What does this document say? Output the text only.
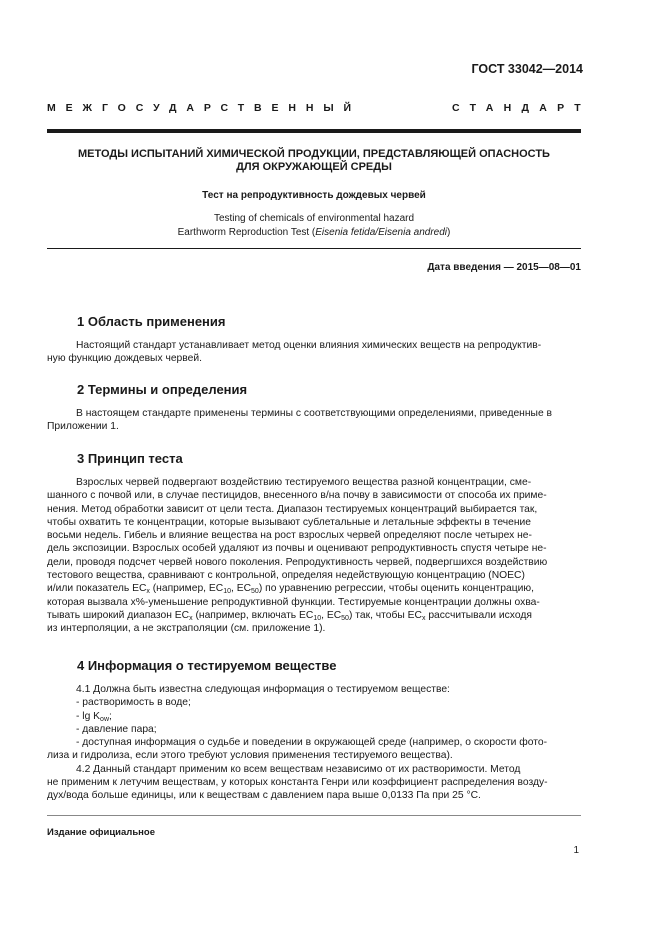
ГОСТ 33042—2014
МЕЖГОСУДАРСТВЕННЫЙ	СТАНДАРТ
МЕТОДЫ ИСПЫТАНИЙ ХИМИЧЕСКОЙ ПРОДУКЦИИ, ПРЕДСТАВЛЯЮЩЕЙ ОПАСНОСТЬ
ДЛЯ ОКРУЖАЮЩЕЙ СРЕДЫ
Тест на репродуктивность дождевых червей
Testing of chemicals of environmental hazard
Earthworm Reproduction Test (Eisenia fetida/Eisenia andredi)
Дата введения — 2015—08—01
1 Область применения
Настоящий стандарт устанавливает метод оценки влияния химических веществ на репродуктив-
ную функцию дождевых червей.
2 Термины и определения
В настоящем стандарте применены термины с соответствующими определениями, приведенные в
Приложении 1.
3 Принцип теста
Взрослых червей подвергают воздействию тестируемого вещества разной концентрации, сме-
шанного с почвой или, в случае пестицидов, внесенного в/на почву в зависимости от способа их приме-
нения. Метод обработки зависит от цели теста. Диапазон тестируемых концентраций выбирается так,
чтобы охватить те концентрации, которые вызывают сублетальные и летальные эффекты в течение
восьми недель. Гибель и влияние вещества на рост взрослых червей определяют после четырех не-
дель экспозиции. Взрослых особей удаляют из почвы и оценивают репродуктивность спустя четыре не-
дели, проводя подсчет червей нового поколения. Репродуктивность червей, подвергшихся воздействию
тестового вещества, сравнивают с контрольной, определяя недействующую концентрацию (NOEC)
и/или показатель $EC_x$ (например, $EC_{10}$, $EC_{50}$) по уравнению регрессии, чтобы оценить концентрацию,
которая вызвала х%-уменьшение репродуктивной функции. Тестируемые концентрации должны охва-
тывать широкий диапазон $EC_x$ (например, включать $EC_{10}$, $EC_{50}$) так, чтобы $EC_x$ рассчитывали исходя
из интерполяции, а не экстраполяции (см. приложение 1).
4 Информация о тестируемом веществе
4.1 Должна быть известна следующая информация о тестируемом веществе:
- растворимость в воде;
- $\lg K_{ow}$;
- давление пара;
- доступная информация о судьбе и поведении в окружающей среде (например, о скорости фото-
лиза и гидролиза, если этого требуют условия применения тестируемого вещества).
4.2 Данный стандарт применим ко всем веществам независимо от их растворимости. Метод
не применим к летучим веществам, у которых константа Генри или коэффициент распределения возду-
дух/вода больше единицы, или к веществам с давлением пара выше 0,0133 Па при 25 °С.
Издание официальное
1
